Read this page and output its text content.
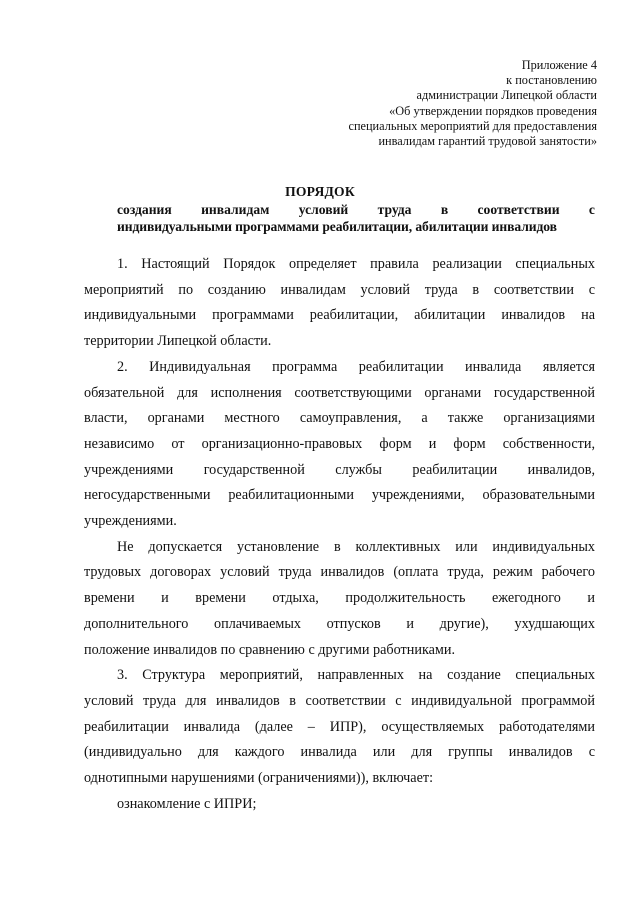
Приложение 4
к постановлению
администрации Липецкой области
«Об утверждении порядков проведения
специальных мероприятий для предоставления
инвалидам гарантий трудовой занятости»
ПОРЯДОК
создания инвалидам условий труда в соответствии с
индивидуальными программами реабилитации, абилитации инвалидов
1. Настоящий Порядок определяет правила реализации специальных
мероприятий по созданию инвалидам условий труда в соответствии с
индивидуальными программами реабилитации, абилитации инвалидов на
территории Липецкой области.
2. Индивидуальная программа реабилитации инвалида является
обязательной для исполнения соответствующими органами государственной
власти, органами местного самоуправления, а также организациями
независимо от организационно-правовых форм и форм собственности,
учреждениями государственной службы реабилитации инвалидов,
негосударственными реабилитационными учреждениями, образовательными
учреждениями.
Не допускается установление в коллективных или индивидуальных
трудовых договорах условий труда инвалидов (оплата труда, режим рабочего
времени и времени отдыха, продолжительность ежегодного и
дополнительного оплачиваемых отпусков и другие), ухудшающих
положение инвалидов по сравнению с другими работниками.
3. Структура мероприятий, направленных на создание специальных
условий труда для инвалидов в соответствии с индивидуальной программой
реабилитации инвалида (далее – ИПР), осуществляемых работодателями
(индивидуально для каждого инвалида или для группы инвалидов с
однотипными нарушениями (ограничениями)), включает:
ознакомление с ИПРИ;
